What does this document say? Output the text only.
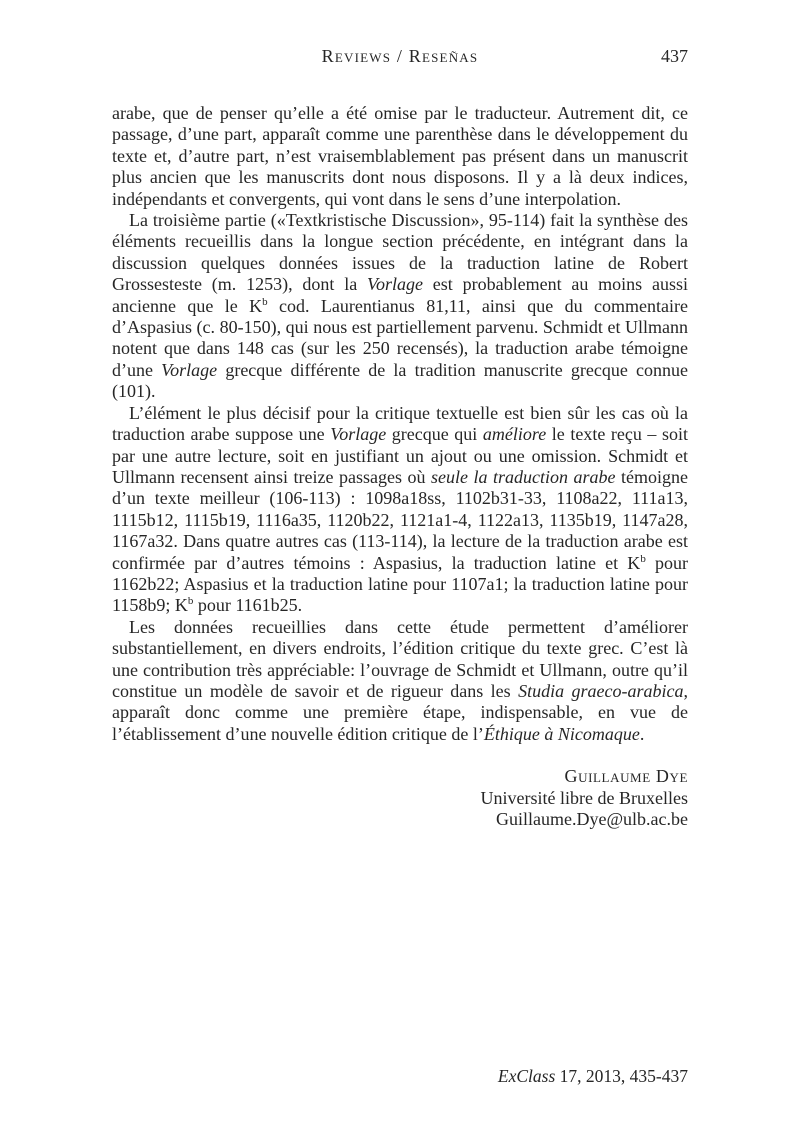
Reviews / Reseñas	437

arabe, que de penser qu’elle a été omise par le traducteur. Autrement dit, ce passage, d’une part, apparaît comme une parenthèse dans le développement du texte et, d’autre part, n’est vraisemblablement pas présent dans un manuscrit plus ancien que les manuscrits dont nous disposons. Il y a là deux indices, indépendants et convergents, qui vont dans le sens d’une interpolation.

La troisième partie («Textkristische Discussion», 95-114) fait la synthèse des éléments recueillis dans la longue section précédente, en intégrant dans la discussion quelques données issues de la traduction latine de Robert Grossesteste (m. 1253), dont la Vorlage est probablement au moins aussi ancienne que le $K^b$ cod. Laurentianus 81,11, ainsi que du commentaire d’Aspasius (c. 80-150), qui nous est partiellement parvenu. Schmidt et Ullmann notent que dans 148 cas (sur les 250 recensés), la traduction arabe témoigne d’une Vorlage grecque différente de la tradition manuscrite grecque connue (101).

L’élément le plus décisif pour la critique textuelle est bien sûr les cas où la traduction arabe suppose une Vorlage grecque qui améliore le texte reçu – soit par une autre lecture, soit en justifiant un ajout ou une omission. Schmidt et Ullmann recensent ainsi treize passages où seule la traduction arabe témoigne d’un texte meilleur (106-113) : 1098a18ss, 1102b31-33, 1108a22, 111a13, 1115b12, 1115b19, 1116a35, 1120b22, 1121a1-4, 1122a13, 1135b19, 1147a28, 1167a32. Dans quatre autres cas (113-114), la lecture de la traduction arabe est confirmée par d’autres témoins : Aspasius, la traduction latine et $K^b$ pour 1162b22; Aspasius et la traduction latine pour 1107a1; la traduction latine pour 1158b9; $K^b$ pour 1161b25.

Les données recueillies dans cette étude permettent d’améliorer substantiellement, en divers endroits, l’édition critique du texte grec. C’est là une contribution très appréciable: l’ouvrage de Schmidt et Ullmann, outre qu’il constitue un modèle de savoir et de rigueur dans les Studia graeco-arabica, apparaît donc comme une première étape, indispensable, en vue de l’établissement d’une nouvelle édition critique de l’Éthique à Nicomaque.

Guillaume Dye
Université libre de Bruxelles
Guillaume.Dye@ulb.ac.be
ExClass 17, 2013, 435-437
